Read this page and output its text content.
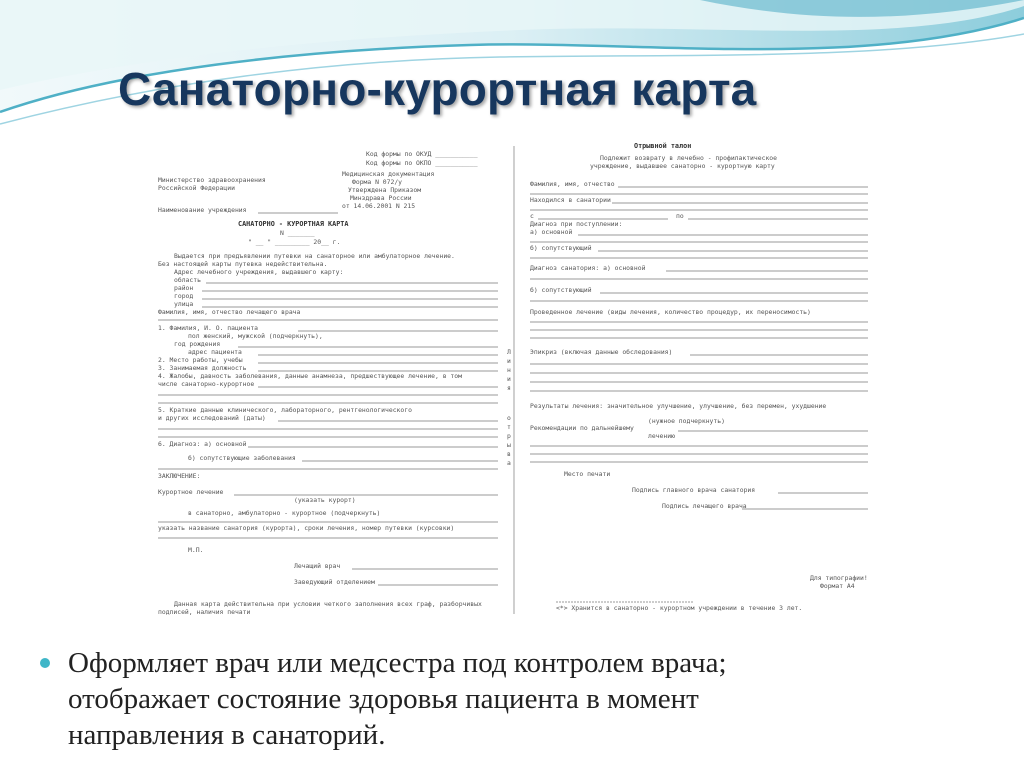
Санаторно-курортная карта
Код формы по ОКУД ___________
Код формы по ОКПО ___________
Министерство здравоохранения
Российской Федерации
Медицинская документация
Форма N 072/у
Утверждена Приказом
Минздрава России
от 14.06.2001 N 215
Наименование учреждения
САНАТОРНО - КУРОРТНАЯ КАРТА
N _______
" __ " _________ 20__ г.
Выдается при предъявлении путевки на санаторное или амбулаторное лечение.
Без настоящей карты путевка недействительна.
Адрес лечебного учреждения, выдавшего карту:
область
район
город
улица
Фамилия, имя, отчество лечащего врача
1. Фамилия, И. О. пациента
пол женский, мужской (подчеркнуть),
год рождения
адрес пациента
2. Место работы, учебы
3. Занимаемая должность
4. Жалобы, давность заболевания, данные анамнеза, предшествующее лечение, в том
числе санаторно-курортное
5. Краткие данные клинического, лабораторного, рентгенологического
и других исследований (даты)
6. Диагноз: а) основной
б) сопутствующие заболевания
ЗАКЛЮЧЕНИЕ:
Курортное лечение
(указать курорт)
в санаторно, амбулаторно - курортное (подчеркнуть)
указать название санатория (курорта), сроки лечения, номер путевки (курсовки)
М.П.
Лечащий врач
Заведующий отделением
Данная карта действительна при условии четкого заполнения всех граф, разборчивых
подписей, наличия печати
Л
и
н
и
я
о
т
р
ы
в
а
Отрывной талон
Подлежит возврату в лечебно - профилактическое
учреждение, выдавшее санаторно - курортную карту
Фамилия, имя, отчество
Находился в санатории
с	по
Диагноз при поступлении:
а) основной
б) сопутствующий
Диагноз санатория: а) основной
б) сопутствующий
Проведенное лечение (виды лечения, количество процедур, их переносимость)
Эпикриз (включая данные обследования)
Результаты лечения: значительное улучшение, улучшение, без перемен, ухудшение
(нужное подчеркнуть)
Рекомендации по дальнейшему
лечению
Место печати
Подпись главного врача санатория
Подпись лечащего врача
Для типографии!
Формат А4
<*> Хранится в санаторно - курортном учреждении в течение 3 лет.
Оформляет врач или медсестра под контролем врача;
отображает состояние здоровья пациента в момент
направления в санаторий.
